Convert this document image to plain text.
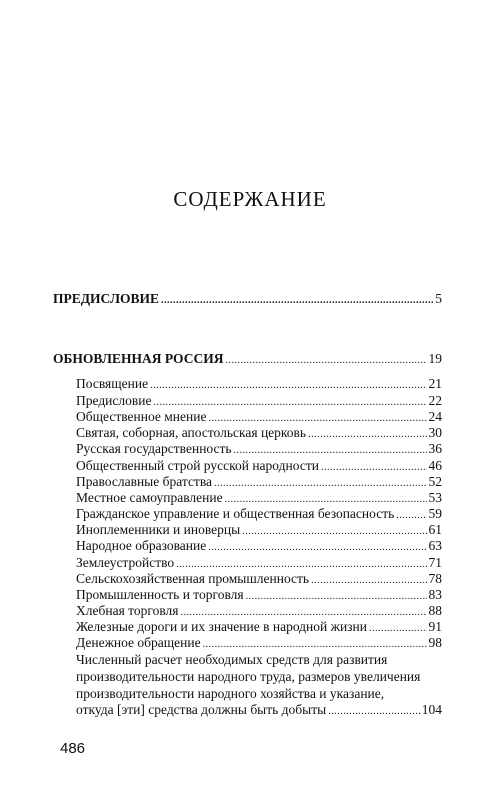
СОДЕРЖАНИЕ
ПРЕДИСЛОВИЕ .....	5
ОБНОВЛЕННАЯ РОССИЯ .....	19
Посвящение .....	21
Предисловие .....	22
Общественное мнение .....	24
Святая, соборная, апостольская церковь .....	30
Русская государственность .....	36
Общественный строй русской народности .....	46
Православные братства .....	52
Местное самоуправление .....	53
Гражданское управление и общественная безопасность .....	59
Инoплеменники и иноверцы .....	61
Народное образование .....	63
Землеустройство .....	71
Сельскохозяйственная промышленность .....	78
Промышленность и торговля .....	83
Хлебная торговля .....	88
Железные дороги и их значение в народной жизни .....	91
Денежное обращение .....	98
Численный расчет необходимых средств для развития
производительности народного труда, размеров увеличения
производительности народного хозяйства и указание,
откуда [эти] средства должны быть добыты .....	104
486
